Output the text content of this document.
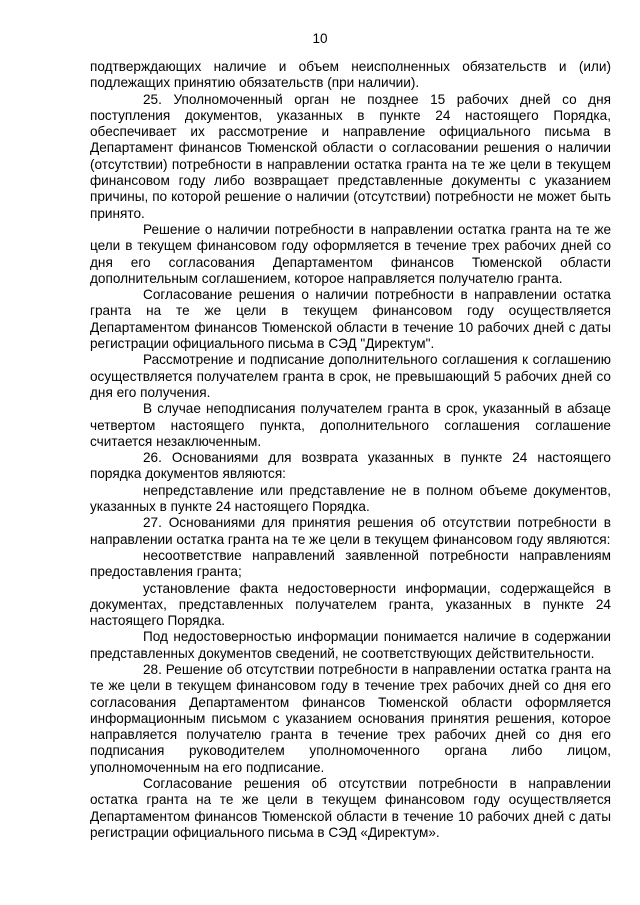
10

подтверждающих наличие и объем неисполненных обязательств и (или) подлежащих принятию обязательств (при наличии).

25. Уполномоченный орган не позднее 15 рабочих дней со дня поступления документов, указанных в пункте 24 настоящего Порядка, обеспечивает их рассмотрение и направление официального письма в Департамент финансов Тюменской области о согласовании решения о наличии (отсутствии) потребности в направлении остатка гранта на те же цели в текущем финансовом году либо возвращает представленные документы с указанием причины, по которой решение о наличии (отсутствии) потребности не может быть принято.

Решение о наличии потребности в направлении остатка гранта на те же цели в текущем финансовом году оформляется в течение трех рабочих дней со дня его согласования Департаментом финансов Тюменской области дополнительным соглашением, которое направляется получателю гранта.

Согласование решения о наличии потребности в направлении остатка гранта на те же цели в текущем финансовом году осуществляется Департаментом финансов Тюменской области в течение 10 рабочих дней с даты регистрации официального письма в СЭД "Директум".

Рассмотрение и подписание дополнительного соглашения к соглашению осуществляется получателем гранта в срок, не превышающий 5 рабочих дней со дня его получения.

В случае неподписания получателем гранта в срок, указанный в абзаце четвертом настоящего пункта, дополнительного соглашения соглашение считается незаключенным.

26. Основаниями для возврата указанных в пункте 24 настоящего порядка документов являются:

непредставление или представление не в полном объеме документов, указанных в пункте 24 настоящего Порядка.

27. Основаниями для принятия решения об отсутствии потребности в направлении остатка гранта на те же цели в текущем финансовом году являются:

несоответствие направлений заявленной потребности направлениям предоставления гранта;

установление факта недостоверности информации, содержащейся в документах, представленных получателем гранта, указанных в пункте 24 настоящего Порядка.

Под недостоверностью информации понимается наличие в содержании представленных документов сведений, не соответствующих действительности.

28. Решение об отсутствии потребности в направлении остатка гранта на те же цели в текущем финансовом году в течение трех рабочих дней со дня его согласования Департаментом финансов Тюменской области оформляется информационным письмом с указанием основания принятия решения, которое направляется получателю гранта в течение трех рабочих дней со дня его подписания руководителем уполномоченного органа либо лицом, уполномоченным на его подписание.

Согласование решения об отсутствии потребности в направлении остатка гранта на те же цели в текущем финансовом году осуществляется Департаментом финансов Тюменской области в течение 10 рабочих дней с даты регистрации официального письма в СЭД «Директум».
